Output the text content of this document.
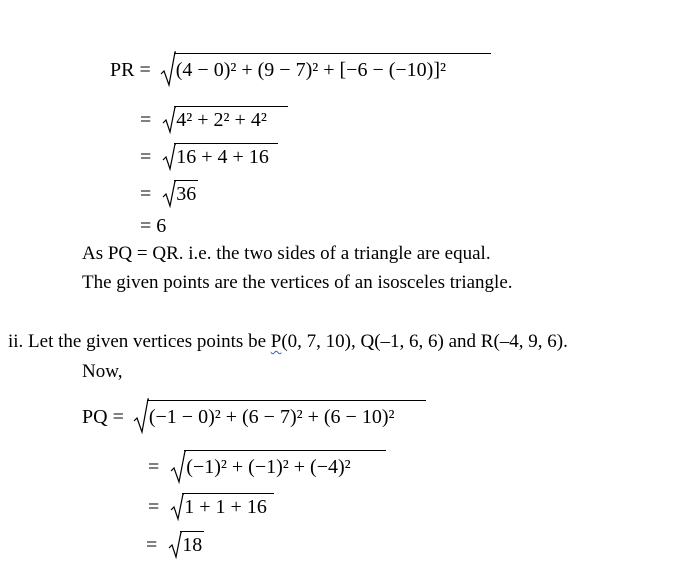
PR = (4 − 0)² + (9 − 7)² + [−6 − (−10)]²
= 4² + 2² + 4²
= 16 + 4 + 16
= 36
= 6
As PQ = QR. i.e. the two sides of a triangle are equal.
The given points are the vertices of an isosceles triangle.
ii. Let the given vertices points be P(0, 7, 10), Q(–1, 6, 6) and R(–4, 9, 6).
Now,
PQ = (−1 − 0)² + (6 − 7)² + (6 − 10)²
= (−1)² + (−1)² + (−4)²
= 1 + 1 + 16
= 18
